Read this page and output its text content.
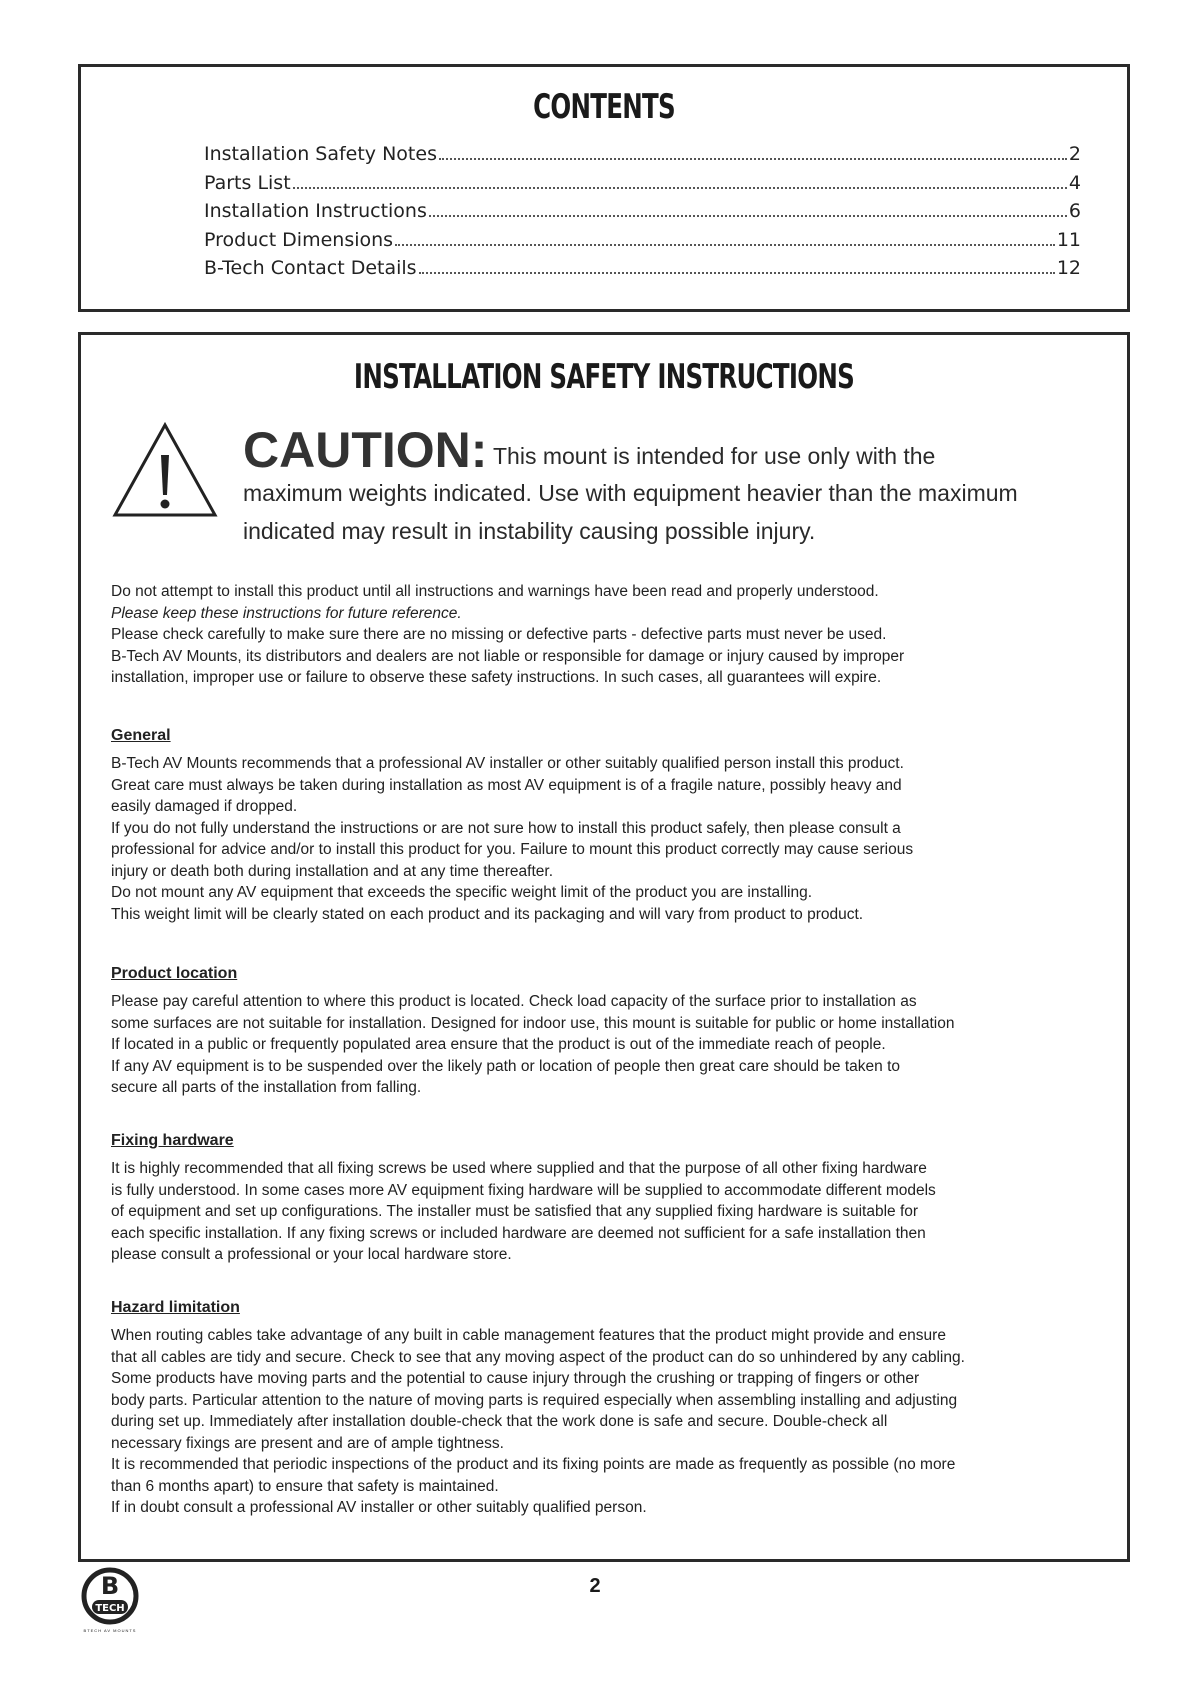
CONTENTS
Installation Safety Notes	2
Parts List	4
Installation Instructions	6
Product Dimensions	11
B-Tech Contact Details	12
INSTALLATION SAFETY INSTRUCTIONS
CAUTION: This mount is intended for use only with the
maximum weights indicated. Use with equipment heavier than the maximum
indicated may result in instability causing possible injury.

Do not attempt to install this product until all instructions and warnings have been read and properly understood.

Please keep these instructions for future reference.

Please check carefully to make sure there are no missing or defective parts - defective parts must never be used.

B-Tech AV Mounts, its distributors and dealers are not liable or responsible for damage or injury caused by improper

installation, improper use or failure to observe these safety instructions. In such cases, all guarantees will expire.

General

B-Tech AV Mounts recommends that a professional AV installer or other suitably qualified person install this product.

Great care must always be taken during installation as most AV equipment is of a fragile nature, possibly heavy and

easily damaged if dropped.

If you do not fully understand the instructions or are not sure how to install this product safely, then please consult a

professional for advice and/or to install this product for you. Failure to mount this product correctly may cause serious

injury or death both during installation and at any time thereafter.

Do not mount any AV equipment that exceeds the specific weight limit of the product you are installing.

This weight limit will be clearly stated on each product and its packaging and will vary from product to product.

Product location

Please pay careful attention to where this product is located. Check load capacity of the surface prior to installation as

some surfaces are not suitable for installation. Designed for indoor use, this mount is suitable for public or home installation

If located in a public or frequently populated area ensure that the product is out of the immediate reach of people.

If any AV equipment is to be suspended over the likely path or location of people then great care should be taken to

secure all parts of the installation from falling.

Fixing hardware

It is highly recommended that all fixing screws be used where supplied and that the purpose of all other fixing hardware

is fully understood. In some cases more AV equipment fixing hardware will be supplied to accommodate different models

of equipment and set up configurations. The installer must be satisfied that any supplied fixing hardware is suitable for

each specific installation. If any fixing screws or included hardware are deemed not sufficient for a safe installation then

please consult a professional or your local hardware store.

Hazard limitation

When routing cables take advantage of any built in cable management features that the product might provide and ensure

that all cables are tidy and secure. Check to see that any moving aspect of the product can do so unhindered by any cabling.

Some products have moving parts and the potential to cause injury through the crushing or trapping of fingers or other

body parts. Particular attention to the nature of moving parts is required especially when assembling installing and adjusting

during set up. Immediately after installation double-check that the work done is safe and secure. Double-check all

necessary fixings are present and are of ample tightness.

It is recommended that periodic inspections of the product and its fixing points are made as frequently as possible (no more

than 6 months apart) to ensure that safety is maintained.

If in doubt consult a professional AV installer or other suitably qualified person.

B
TECH
BTECH AV MOUNTS
2
